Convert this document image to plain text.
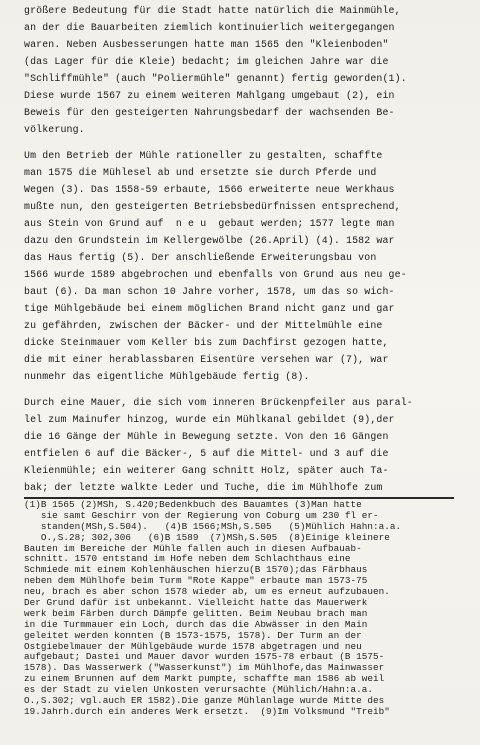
größere Bedeutung für die Stadt hatte natürlich die Mainmühle,
an der die Bauarbeiten ziemlich kontinuierlich weitergegangen
waren. Neben Ausbesserungen hatte man 1565 den "Kleienboden"
(das Lager für die Kleie) bedacht; im gleichen Jahre war die
"Schliffmühle" (auch "Poliermühle" genannt) fertig geworden(1).
Diese wurde 1567 zu einem weiteren Mahlgang umgebaut (2), ein
Beweis für den gesteigerten Nahrungsbedarf der wachsenden Be-
völkerung.
Um den Betrieb der Mühle rationeller zu gestalten, schaffte
man 1575 die Mühlesel ab und ersetzte sie durch Pferde und
Wegen (3). Das 1558-59 erbaute, 1566 erweiterte neue Werkhaus
mußte nun, den gesteigerten Betriebsbedürfnissen entsprechend,
aus Stein von Grund auf  n e u  gebaut werden; 1577 legte man
dazu den Grundstein im Kellergewölbe (26.April) (4). 1582 war
das Haus fertig (5). Der anschließende Erweiterungsbau von
1566 wurde 1589 abgebrochen und ebenfalls von Grund aus neu ge-
baut (6). Da man schon 10 Jahre vorher, 1578, um das so wich-
tige Mühlgebäude bei einem möglichen Brand nicht ganz und gar
zu gefährden, zwischen der Bäcker- und der Mittelmühle eine
dicke Steinmauer vom Keller bis zum Dachfirst gezogen hatte,
die mit einer herablassbaren Eisentüre versehen war (7), war
nunmehr das eigentliche Mühlgebäude fertig (8).
Durch eine Mauer, die sich vom inneren Brückenpfeiler aus paral-
lel zum Mainufer hinzog, wurde ein Mühlkanal gebildet (9),der
die 16 Gänge der Mühle in Bewegung setzte. Von den 16 Gängen
entfielen 6 auf die Bäcker-, 5 auf die Mittel- und 3 auf die
Kleienmühle; ein weiterer Gang schnitt Holz, später auch Ta-
bak; der letzte walkte Leder und Tuche, die im Mühlhofe zum
(1)B 1565 (2)MSh, S.420;Bedenkbuch des Bauamtes (3)Man hatte
sie samt Geschirr von der Regierung von Coburg um 230 fl er-
standen(MSh,S.504).   (4)B 1566;MSh,S.505   (5)Mühlich Hahn:a.a.
O.,S.28; 302,306   (6)B 1589  (7)MSh,S.505  (8)Einige kleinere
Bauten im Bereiche der Mühle fallen auch in diesen Aufbauab-
schnitt. 1570 entstand im Hofe neben dem Schlachthaus eine
Schmiede mit einem Kohlenhäuschen hierzu(B 1570);das Färbhaus
neben dem Mühlhofe beim Turm "Rote Kappe" erbaute man 1573-75
neu, brach es aber schon 1578 wieder ab, um es erneut aufzubauen.
Der Grund dafür ist unbekannt. Vielleicht hatte das Mauerwerk
werk beim Färben durch Dämpfe gelitten. Beim Neubau brach man
in die Turmmauer ein Loch, durch das die Abwässer in den Main
geleitet werden konnten (B 1573-1575, 1578). Der Turm an der
Ostgiebelmauer der Mühlgebäude wurde 1578 abgetragen und neu
aufgebaut; Dastei und Mauer davor wurden 1575-78 erbaut (B 1575-
1578). Das Wasserwerk ("Wasserkunst") im Mühlhofe,das Mainwasser
zu einem Brunnen auf dem Markt pumpte, schaffte man 1586 ab weil
es der Stadt zu vielen Unkosten verursachte (Mühlich/Hahn:a.a.
O.,S.302; vgl.auch ER 1582).Die ganze Mühlanlage wurde Mitte des
19.Jahrh.durch ein anderes Werk ersetzt.  (9)Im Volksmund "Treib"
